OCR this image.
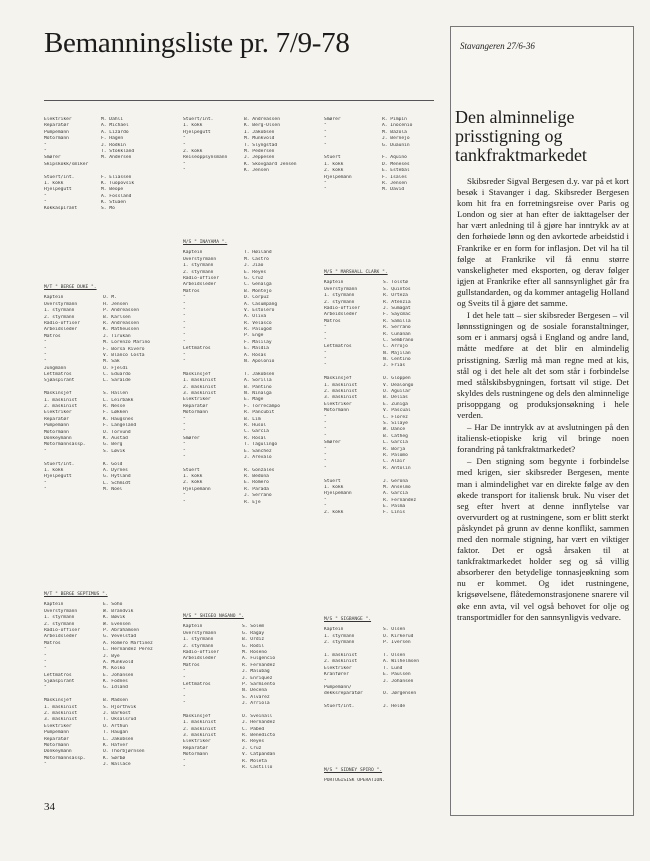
Bemanningsliste pr. 7/9-78	Stavangeren 27/6-36
Den alminnelige prisstigning og tankfraktmarkedet

Skibsreder Sigval Bergesen d.y. var på et kort besøk i Stavanger i dag. Skibsreder Bergesen kom hit fra en forretningsreise over Paris og London og sier at han efter de iakttagelser der har vært anledning til å gjøre har inntrykk av at den forhøiede lønn og den avkortede arbeidstid i Frankrike er en form for inflasjon. Det vil ha til følge at Frankrike vil få ennu større vanskeligheter med eksporten, og derav følger igjen at Frankrike efter all sannsynlighet går fra gullstandarden, og da kommer antagelig Holland og Sveits til å gjøre det samme.

I det hele tatt – sier skibsreder Bergesen – vil lønnsstigningen og de sosiale foranstaltninger, som er i anmarsj også i England og andre land, måtte medføre at det blir en almindelig prisstigning. Særlig må man regne med at kis, stål og i det hele alt det som står i forbindelse med stålskibsbygningen, fortsatt vil stige. Det skyldes dels rustningene og dels den alminnelige prisoppgang og produksjonsøkning i hele verden.

– Har De inntrykk av at avslutningen på den italiensk-etiopiske krig vil bringe noen forandring på tankfraktmarkedet?

– Den stigning som begynte i forbindelse med krigen, sier skibsreder Bergesen, mente man i almindelighet var en direkte følge av den økede transport for italiensk bruk. Nu viser det seg efter hvert at denne innflytelse var overvurdert og at rustningene, som er blitt sterkt påskyndet på grunn av denne konflikt, sammen med den normale stigning, har vært en viktiger faktor. Det er også årsaken til at tankfraktmarkedet holder seg og så villig absorberer den betydelige tonnasjeøkning som nu er kommet. Og idet rustningene, krigsøvelsene, flåtedemonstrasjonene snarere vil øke enn avta, vil vel også behovet for olje og transportmidler for den sannsynligvis vedvare.

Elektriker	M. Dahli
Reparatør	A. Michael
Pumpemann	A. Lizardo
Motormann	F. Hagen
"	J. Rodkin
"	T. Stokkland
Smører	M. Andersen
Skipskokk/smiker
Stuert/int.	F. Eliassen
1. kokk	K. Tuopovsik
Hjelpegutt	M. Beope
"	A. Fossland
"	K. Stuaen
Kokkaspirant	S. Mo
Stuert/int.	B. Andreassen
1. kokk	K. Berg-Olsen
Hjelpegutt	I. Jakobsen
"	M. Munkvold
"	T. Slyngstad
2. kokk	M. Pedersen
Reiseoppsynsmann	J. Jeppesen
"	K. Skovgaard Jensen
"	K. Jensen
Smører	R. Pimpin
"	A. Inocenio
"	M. Bazola
"	J. Bernejo
"	G. Duaunin
Stuert	F. Aquino
1. kokk	D. Meneses
2. kokk	E. Estebal
Hjelpemann	F. Isales
"	R. Jensen
"	M. David
M/T " BERGE DUKE ".
Kaptein	O. M.
Overstyrmann	H. Jensen
1. styrmann	P. Andreassen
2. styrmann	B. Karlsen
Radio-offiser	R. Andreassen
Arbeidsleder	K. Matheussen
Matros	J. Tirukan
"	M. Lorenzo Marino
"	F. Borsa Rivero
"	V. Blanco Costa
"	M. Sak
Jungmann	O. Fjeldi
Lettmatros	C. Eduardo
Sjøaspirant	L. Saraide
Maskinsjef	S. Hallen
1. maskinist	L. Leirbakk
2. maskinist	R. Nesse
Elektriker	F. Løkken
Reparatør	K. Haugsnes
Pumpemann	F. Langeland
Motormann	O. Torvund
Donkeymann	K. Austad
Motormannsassp.	G. Berg
"	S. Løvik
Stuert/int.	K. Gold
1. kokk	A. Dyrnes
Hjelpegutt	G. Hytland
"	L. Schmidt
"	M. Noel
M/S " INAYAMA ".
Kaptein	T. Høiland
Overstyrmann	M. Castro
1. styrmann	J. Jiao
2. styrmann	E. Reyes
Radio-offiser	G. Cruz
Arbeidsleder	C. Genalga
Matros	B. Montejo
"	D. Corpuz
"	A. Casumpang
"	V. Estolero
"	A. Oliva
"	R. Velasco
"	R. Palugod
"	P. Enge
"	F. Malilay
Lettmatros	E. Maldia
"	A. Rosas
"	N. Apolonio
Maskinsjef	T. Jakobsen
1. maskinist	A. Sorilla
2. maskinist	B. Pantino
3. maskinist	N. Ninalga
Elektriker	E. Mage
Reparatør	F. Torrecampo
Motormann	R. Pancubit
"	B. Lim
"	R. Husol
"	C. Garcia
Smører	R. Rosal
"	T. Tagulingo
"	E. Sanchez
"	J. Arevalo
Stuert	R. Gonzales
1. kokk	R. Bedona
2. kokk	E. Romero
Hjelpemann	R. Parada
"	J. Serrano
"	R. Eje
M/S " MARSHALL CLARK ".
Kaptein	S. Tolstø
Overstyrmann	S. Quintos
1. styrmann	R. Orteza
2. styrmann	R. Atenzia
Radio-offiser	J. Sumagat
Arbeidsleder	F. Saycmac
Matros	R. Samilla
"	R. Serrano
"	R. Cunanan
"	C. Sembrano
Lettmatros	C. Arrojo
"	N. Majilan
"	N. Centino
"	J. Frias
Maskinsjef	O. Gloppen
1. maskinist	V. Dealongo
2. maskinist	O. Aguilar
3. maskinist	B. Delias
Elektriker	E. Zuniga
Motormann	V. Pascual
"	C. Florez
"	S. Silaye
"	W. Dance
"	B. Catheg
Smører	L. Garcia
"	R. Borja
"	R. Palomo
"	C. Alair
"	R. Antolin
Stuert	J. Gerona
1. kokk	M. Anselmo
Hjelpemann	A. Garcia
"	R. Fernandez
"	E. Palma
2. kokk	F. Linis
M/T " BERGE SEPTIMUS ".
Kaptein	E. Soho
Overstyrmann	W. Brandvik
1. styrmann	K. Bøvik
2. styrmann	W. Evensen
Radio-offiser	P. Abrahamsen
Arbeidsleder	G. Vevelstad
Matros	A. Romero Martinez
"	L. Hernandez Perez
"	J. Bye
"	A. Munkvold
"	M. Kolko
Lettmatros	E. Johansen
Sjøaspirant	K. Fodnes
"	G. Idland
Maskinsjef	B. Madsen
1. maskinist	S. Hjorthvik
2. maskinist	J. Barkost
3. maskinist	T. Oksalsrud
Elektriker	O. Årthun
Pumpemann	T. Haugan
Reparatør	L. Jakobsen
Motormann	K. Hafver
Donkeymann	O. Thorbjørnsen
Motormannsassp.	K. Sørbø
"	J. Wallace
M/S " SHIGEO NAGANO ".
Kaptein	S. Solem
Overstyrmann	G. Ragay
1. styrmann	B. Ordiz
2. styrmann	G. Rodil
Radio-offiser	M. Roseno
Arbeidsleder	A. Fulgencio
Matros	R. Fernandez
"	J. Malubag
"	J. Enriquez
Lettmatros	P. Sarmiento
"	N. Decena
"	S. Alvarez
"	J. Arriola
Maskinsjef	O. Sveinall
1. maskinist	J. Hernandez
2. maskinist	C. Pabed
3. maskinist	R. Benedicto
Elektriker	R. Reyes
Reparatør	J. Cruz
Motormann	V. Catpandan
"	R. Moleta
"	R. Castillo
M/S " SIGBANGE ".
Kaptein	S. Olsen
1. styrmann	O. Kirkerud
2. styrmann	P. Iversen
1. maskinist	T. Olsen
2. maskinist	A. Wilhelmsen
Elektriker	T. Lund
Kranfører	E. Paulsen
"	J. Johansen
Pumpemann/
dekksreparatør	O. Jørgensen
Stuert/int.	J. Helde
M/S " SIDNEY SPIRO ".
PORTUGISISK OPERATION.
34
